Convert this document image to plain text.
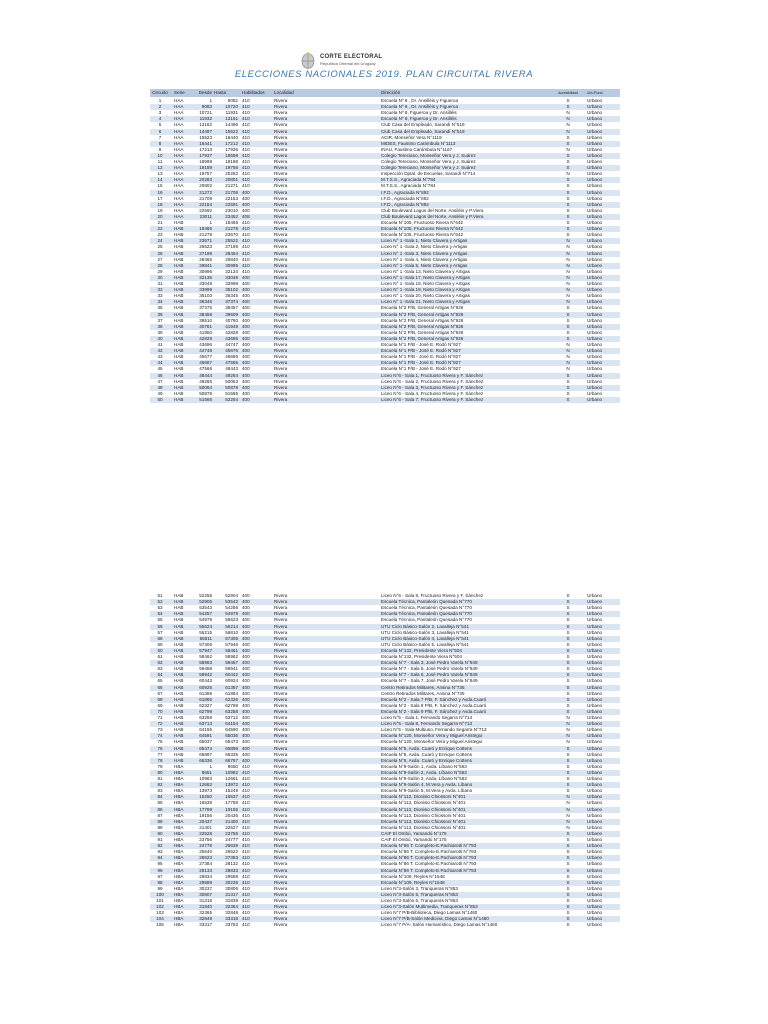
CORTE ELECTORAL
República Oriental del Uruguay
ELECCIONES NACIONALES 2019. PLAN CIRCUITAL RIVERA
Circuito	Serie	Desde Hasta	Habilitados Localidad	Dirección	Accesibilidad	Urb./Rural
1	HAA	1	9082 410	Rivera	Escuela Nº 8 , Dr. Ansilléis y Figueroa	S	Urbano
2	HAA	9083	10720 410	Rivera	Escuela Nº 8 , Dr. Ansilléis y Figueroa	S	Urbano
3	HAA	10721	11931 410	Rivera	Escuela Nº 8, Figueroa y Dr. Ansilléis	N	Urbano
4	HAA	11932	13161 410	Rivera	Escuela Nº 8, Figueroa y Dr. Ansilléis	N	Urbano
5	HAA	13162	14496 410	Rivera	Club Casa del Empleado, Sarandí N°519	N	Urbano
6	HAA	14497	15522 410	Rivera	Club Casa del Empleado, Sarandí N°519	N	Urbano
7	HAA	15523	16440 410	Rivera	ACIR, Monseñor Vera N°1119	S	Urbano
8	HAA	16441	17212 410	Rivera	MIDES, Faustino Carámbula N°1113	S	Urbano
9	HAA	17213	17936 410	Rivera	INAU, Faustino Carámbula N°1167	N	Urbano
10	HAA	17937	18598 410	Rivera	Colegio Tereciano, Monseñor Vera y J. Suárez	S	Urbano
11	HAA	18599	19188 410	Rivera	Colegio Tereciano, Monseñor Vera y J. Suárez	S	Urbano
12	HAA	19189	19756 410	Rivera	Colegio Tereciano, Monseñor Vera y J. Suárez	S	Urbano
13	HAA	19757	20282 410	Rivera	Inspección Dptal. de Escuelas, Sarandí N°714	N	Urbano
14	HAA	20283	20801 410	Rivera	M.T.S.S., Agraciada N°784	S	Urbano
15	HAA	20802	21271 410	Rivera	M.T.S.S., Agraciada N°784	S	Urbano
16	HAA	21272	21708 400	Rivera	I.F.D., Agraciada N°892	S	Urbano
17	HAA	21709	22153 400	Rivera	I.F.D., Agraciada N°892	S	Urbano
18	HAA	22154	22591 400	Rivera	I.F.D., Agraciada N°892	S	Urbano
19	HAA	22592	23010 400	Rivera	Club Boulevard Lagos del Norte, Ansiléis y P.Viera	S	Urbano
20	HAA	23011	23452 408	Rivera	Club Boulevard Lagos del Norte, Ansiléis y P.Viera	S	Urbano
21	HAB	1	18465 410	Rivera	Escuela N°105, Fructuoso Rivera N°642	S	Urbano
22	HAB	18466	21278 410	Rivera	Escuela N°105, Fructuoso Rivera N°642	S	Urbano
23	HAB	21279	23670 410	Rivera	Escuela N°105, Fructuoso Rivera N°642	S	Urbano
24	HAB	23671	25522 410	Rivera	Liceo N° 1 -Sala 1, Nieto Clavera y Artigas	N	Urbano
25	HAB	25523	27198 410	Rivera	Liceo N° 1 -Sala 2, Nieto Clavera y Artigas	N	Urbano
26	HAB	27199	28464 410	Rivera	Liceo N° 1 -Sala 3, Nieto Clavera y Artigas	N	Urbano
27	HAB	28465	29840 410	Rivera	Liceo N° 1 -Sala 4, Nieto Clavera y Artigas	N	Urbano
28	HAB	29841	30995 410	Rivera	Liceo N° 1 -Sala 5, Nieto Clavera y Artigas	N	Urbano
29	HAB	30996	32134 410	Rivera	Liceo N° 1 -Sala 13, Nieto Clavera y Artigas	N	Urbano
30	HAB	32135	33048 400	Rivera	Liceo N° 1 -Sala 17, Nieto Clavera y Artigas	N	Urbano
31	HAB	33049	33998 400	Rivera	Liceo N° 1 -Sala 18, Nieto Clavera y Artigas	N	Urbano
32	HAB	33999	35102 400	Rivera	Liceo N° 1 -Sala 19, Nieto Clavera y Artigas	N	Urbano
33	HAB	35103	36345 400	Rivera	Liceo N° 1 -Sala 20, Nieto Clavera y Artigas	N	Urbano
34	HAB	36346	37374 400	Rivera	Liceo N° 1 -Sala 21, Nieto Clavera y Artigas	N	Urbano
35	HAB	37375	38457 400	Rivera	Escuela N°2 P/B, General Artigas N°926	S	Urbano
36	HAB	38458	39509 400	Rivera	Escuela N°2 P/B, General Artigas N°926	S	Urbano
37	HAB	39510	40780 400	Rivera	Escuela N°2 P/B, General Artigas N°926	S	Urbano
38	HAB	40781	41949 400	Rivera	Escuela N°2 P/B, General Artigas N°926	S	Urbano
39	HAB	41950	42828 400	Rivera	Escuela N°2 P/B, General Artigas N°926	S	Urbano
40	HAB	42829	43695 400	Rivera	Escuela N°2 P/B, General Artigas N°926	S	Urbano
41	HAB	43696	44747 400	Rivera	Escuela N°1 P/B - José E. Rodó N°927	N	Urbano
42	HAB	44748	45676 400	Rivera	Escuela N°1 P/B - José E. Rodó N°927	N	Urbano
43	HAB	45677	46686 400	Rivera	Escuela N°1 P/B - José E. Rodó N°927	N	Urbano
44	HAB	46687	47565 400	Rivera	Escuela N°1 P/B - José E. Rodó N°927	N	Urbano
45	HAB	47566	48443 400	Rivera	Escuela N°1 P/B - José E. Rodó N°927	N	Urbano
46	HAB	48444	49264 400	Rivera	Liceo N°6 - Sala 1, Fructuoso Rivera y F. Sánchez	S	Urbano
47	HAB	49265	50063 400	Rivera	Liceo N°6 - Sala 2, Fructuoso Rivera y F. Sánchez	S	Urbano
48	HAB	50064	50878 400	Rivera	Liceo N°6 - Sala 3, Fructuoso Rivera y F. Sánchez	S	Urbano
49	HAB	50879	51565 400	Rivera	Liceo N°6 - Sala 4, Fructuoso Rivera y F. Sánchez	S	Urbano
50	HAB	51566	52254 400	Rivera	Liceo N°6 - Sala 7, Fructuoso Rivera y F. Sánchez	S	Urbano
51	HAB	52255	52904 400	Rivera	Liceo N°6 - Sala 9, Fructuoso Rivera y F. Sánchez	S	Urbano
52	HAB	52905	53542 400	Rivera	Escuela Técnica, Pantaleón Quesada N°770	S	Urbano
53	HAB	53543	54256 400	Rivera	Escuela Técnica, Pantaleón Quesada N°770	S	Urbano
54	HAB	54257	54978 400	Rivera	Escuela Técnica, Pantaleón Quesada N°770	S	Urbano
55	HAB	54979	55623 400	Rivera	Escuela Técnica, Pantaleón Quesada N°770	S	Urbano
56	HAB	55624	56214 400	Rivera	UTU Ciclo Básico-Salón 2, Lavalleja N°541	S	Urbano
57	HAB	56215	56810 400	Rivera	UTU Ciclo Básico-Salón 3, Lavalleja N°541	S	Urbano
58	HAB	56811	57305 400	Rivera	UTU Ciclo Básico-Salón 4, Lavalleja N°541	S	Urbano
59	HAB	57306	57946 400	Rivera	UTU Ciclo Básico-Salón 5, Lavalleja N°541	S	Urbano
60	HAB	57947	58461 400	Rivera	Escuela N°132, Presidente Viera N°504	S	Urbano
61	HAB	58462	58962 400	Rivera	Escuela N°132, Presidente Viera N°504	S	Urbano
62	HAB	58963	59457 400	Rivera	Escuela N°7 - Sala 3, José Pedro Varela N°849	S	Urbano
63	HAB	59458	59941 400	Rivera	Escuela N°7 - Sala 5, José Pedro Varela N°849	S	Urbano
64	HAB	59942	60442 400	Rivera	Escuela N°7 - Sala 6, José Pedro Varela N°849	S	Urbano
65	HAB	60443	60924 400	Rivera	Escuela N°7 - Sala 7, José Pedro Varela N°849	S	Urbano
66	HAB	60925	61387 400	Rivera	Centro Retirados Militares, Ansina N°735	S	Urbano
67	HAB	61388	61864 400	Rivera	Centro Retirados Militares, Ansina N°735	S	Urbano
68	HAB	61865	62326 400	Rivera	Escuela N°2 - Sala 7 P/B, F. Sánchez y Avda.Cuaró	S	Urbano
69	HAB	62327	62798 400	Rivera	Escuela N°2 - Sala 8 P/B, F. Sánchez y Avda.Cuaró	S	Urbano
70	HAB	62799	63258 400	Rivera	Escuela N°2 - Sala 9 P/B, F. Sánchez y Avda.Cuaró	S	Urbano
71	HAB	63259	63712 400	Rivera	Liceo N°5 - Sala 1, Fernando Segarra N°713	N	Urbano
72	HAB	63713	64154 400	Rivera	Liceo N°5 - Sala 8, Fernando Segarra N°713	N	Urbano
73	HAB	64155	64590 400	Rivera	Liceo N°5 - Sala Multiuso, Fernando Segarra N°713	N	Urbano
74	HAB	64591	65036 400	Rivera	Escuela N°120, Monseñor Vera y Miguel Aristegui	N	Urbano
75	HAB	65037	65473 400	Rivera	Escuela N°120, Monseñor Vera y Miguel Aristegui	N	Urbano
76	HAB	65474	65896 400	Rivera	Escuela N°5, Avda. Cuaró y Enrique Cottens	S	Urbano
77	HAB	65897	66335 400	Rivera	Escuela N°5, Avda. Cuaró y Enrique Cottens	S	Urbano
78	HAB	66336	66757 400	Rivera	Escuela N°5, Avda. Cuaró y Enrique Cottens	S	Urbano
79	HBA	1	8650 410	Rivera	Escuela N°9-Salón 1, Avda. Líbano N°563	S	Urbano
80	HBA	8651	10982 410	Rivera	Escuela N°9-Salón 2, Avda. Líbano N°563	S	Urbano
81	HBA	10983	12661 410	Rivera	Escuela N°9-Salón 3, Avda. Líbano N°563	S	Urbano
82	HBA	12662	13972 410	Rivera	Escuela N°9-Salón 4, M.Vera y Avda. Líbano	S	Urbano
83	HBA	13973	15249 410	Rivera	Escuela N°9-Salón 5, M.Vera y Avda. Líbano	S	Urbano
84	HBA	15250	16537 410	Rivera	Escuela N°113, Dionisio Chiossoni N°401	N	Urbano
85	HBA	16538	17788 410	Rivera	Escuela N°113, Dionisio Chiossoni N°401	N	Urbano
86	HBA	17789	19155 410	Rivera	Escuela N°113, Dionisio Chiossoni N°401	N	Urbano
87	HBA	19156	20436 410	Rivera	Escuela N°113, Dionisio Chiossoni N°401	N	Urbano
88	HBA	20437	21400 410	Rivera	Escuela N°113, Dionisio Chiossoni N°401	N	Urbano
89	HBA	21401	22527 410	Rivera	Escuela N°113, Dionisio Chiossoni N°401	N	Urbano
90	HBA	22528	23755 410	Rivera	CAIF El Ombú, Yamandú N°175	S	Urbano
91	HBA	23756	24777 410	Rivera	CAIF El Ombú, Yamandú N°175	S	Urbano
92	HBA	24778	25639 410	Rivera	Escuela N°86 T. Completo-E.Pachiarotti N°793	S	Urbano
93	HBA	25640	26522 410	Rivera	Escuela N°86 T. Completo-E.Pachiarotti N°793	S	Urbano
94	HBA	26523	27383 410	Rivera	Escuela N°86 T. Completo-E.Pachiarotti N°793	S	Urbano
95	HBA	27384	28132 410	Rivera	Escuela N°86 T. Completo-E.Pachiarotti N°793	S	Urbano
96	HBA	28133	28833 410	Rivera	Escuela N°86 T. Completo-E.Pachiarotti N°793	S	Urbano
97	HBA	28834	29588 410	Rivera	Escuela N°109, Reyles N°1548	S	Urbano
98	HBA	29589	30236 410	Rivera	Escuela N°109, Reyles N°1548	S	Urbano
99	HBA	30237	30806 410	Rivera	Liceo N°3-Salón 3, Tranqueras N°853	S	Urbano
100	HBA	30807	31317 410	Rivera	Liceo N°3-Salón 5, Tranqueras N°853	S	Urbano
101	HBA	31318	31839 410	Rivera	Liceo N°3-Salón 6, Tranqueras N°853	S	Urbano
102	HBA	31840	32364 410	Rivera	Liceo N°3-Salón Multimedia, Tranqueras N°853	S	Urbano
103	HBA	32365	32848 410	Rivera	Liceo N°7 P/B-Biblioteca, Diego Lamas N°1460	S	Urbano
104	HBA	32849	33316 410	Rivera	Liceo N°7 P/B-Salón Medicina, Diego Lamas N°1460	S	Urbano
105	HBA	33317	33783 410	Rivera	Liceo N°7 P/A- Salón Humanístico, Diego Lamas N°1460	S	Urbano
